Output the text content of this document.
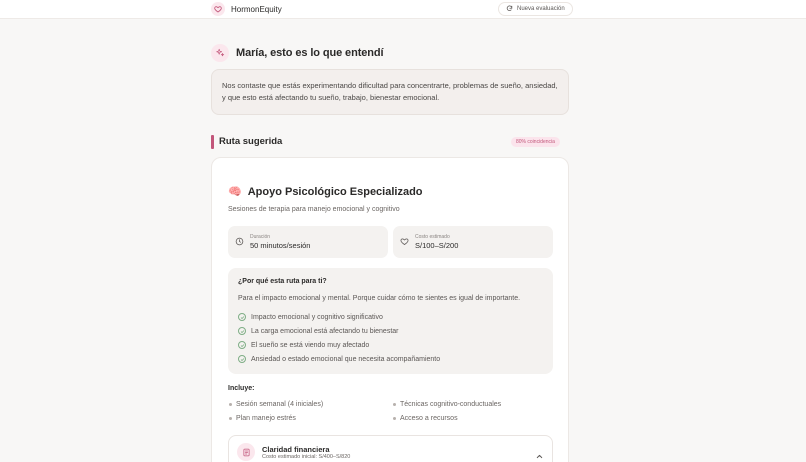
HormonEquity	Nueva evaluación
María, esto es lo que entendí
Nos contaste que estás experimentando dificultad para concentrarte, problemas de sueño, ansiedad, y que esto está afectando tu sueño, trabajo, bienestar emocional.
Ruta sugerida	80% coincidencia
🧠 Apoyo Psicológico Especializado
Sesiones de terapia para manejo emocional y cognitivo
Duración
50 minutos/sesión
Costo estimado
S/100–S/200
¿Por qué esta ruta para ti?
Para el impacto emocional y mental. Porque cuidar cómo te sientes es igual de importante.
Impacto emocional y cognitivo significativo
La carga emocional está afectando tu bienestar
El sueño se está viendo muy afectado
Ansiedad o estado emocional que necesita acompañamiento
Incluye:
Sesión semanal (4 iniciales)	Técnicas cognitivo-conductuales
Plan manejo estrés	Acceso a recursos
Claridad financiera
Costo estimado inicial: S/400–S/820
